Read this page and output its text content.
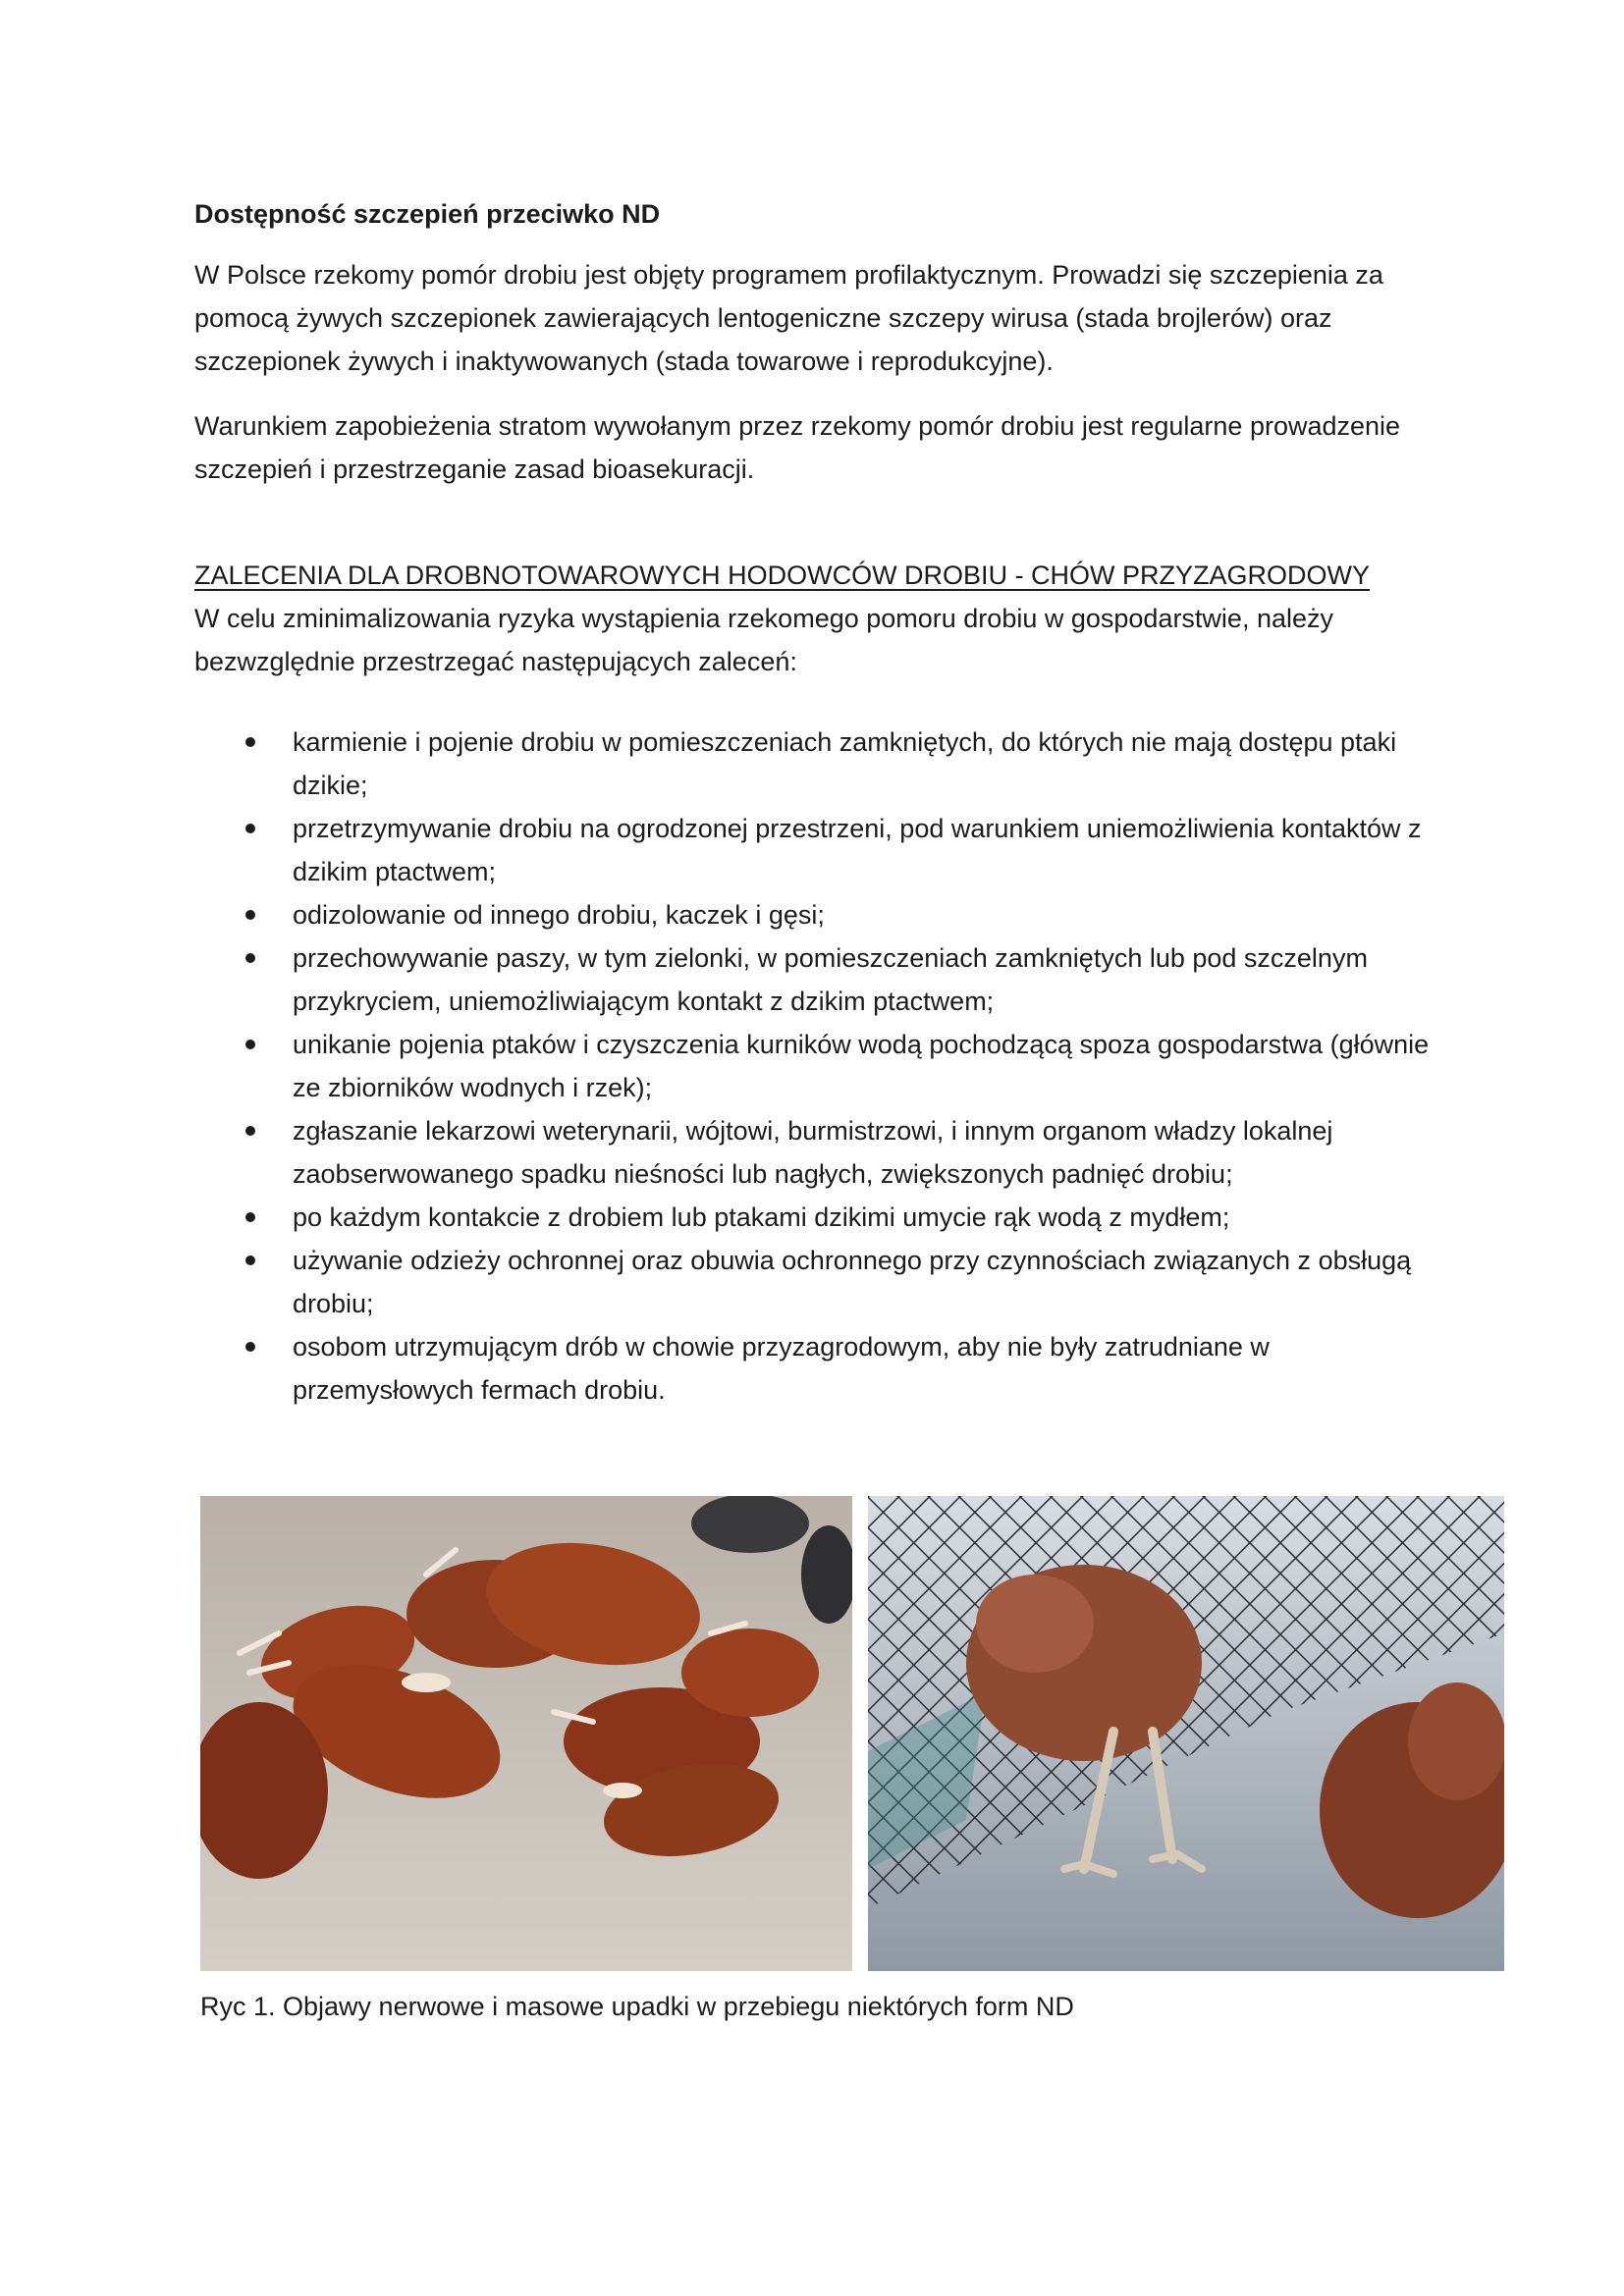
Dostępność szczepień przeciwko ND
W Polsce rzekomy pomór drobiu jest objęty programem profilaktycznym. Prowadzi się szczepienia za pomocą żywych szczepionek zawierających lentogeniczne szczepy wirusa (stada brojlerów) oraz szczepionek żywych i inaktywowanych (stada towarowe i reprodukcyjne).
Warunkiem zapobieżenia stratom wywołanym przez rzekomy pomór drobiu jest regularne prowadzenie szczepień i przestrzeganie zasad bioasekuracji.
ZALECENIA DLA DROBNOTOWAROWYCH HODOWCÓW DROBIU - CHÓW PRZYZAGRODOWY
W celu zminimalizowania ryzyka wystąpienia rzekomego pomoru drobiu w gospodarstwie, należy bezwzględnie przestrzegać następujących zaleceń:
karmienie i pojenie drobiu w pomieszczeniach zamkniętych, do których nie mają dostępu ptaki dzikie;
przetrzymywanie drobiu na ogrodzonej przestrzeni, pod warunkiem uniemożliwienia kontaktów z dzikim ptactwem;
odizolowanie od innego drobiu, kaczek i gęsi;
przechowywanie paszy, w tym zielonki, w pomieszczeniach zamkniętych lub pod szczelnym przykryciem, uniemożliwiającym kontakt z dzikim ptactwem;
unikanie pojenia ptaków i czyszczenia kurników wodą pochodzącą spoza gospodarstwa (głównie ze zbiorników wodnych i rzek);
zgłaszanie lekarzowi weterynarii, wójtowi, burmistrzowi, i innym organom władzy lokalnej zaobserwowanego spadku nieśności lub nagłych, zwiększonych padnięć drobiu;
po każdym kontakcie z drobiem lub ptakami dzikimi umycie rąk wodą z mydłem;
używanie odzieży ochronnej oraz obuwia ochronnego przy czynnościach związanych z obsługą drobiu;
osobom utrzymującym drób w chowie przyzagrodowym, aby nie były zatrudniane w przemysłowych fermach drobiu.
Ryc 1. Objawy nerwowe i masowe upadki w przebiegu niektórych form ND
